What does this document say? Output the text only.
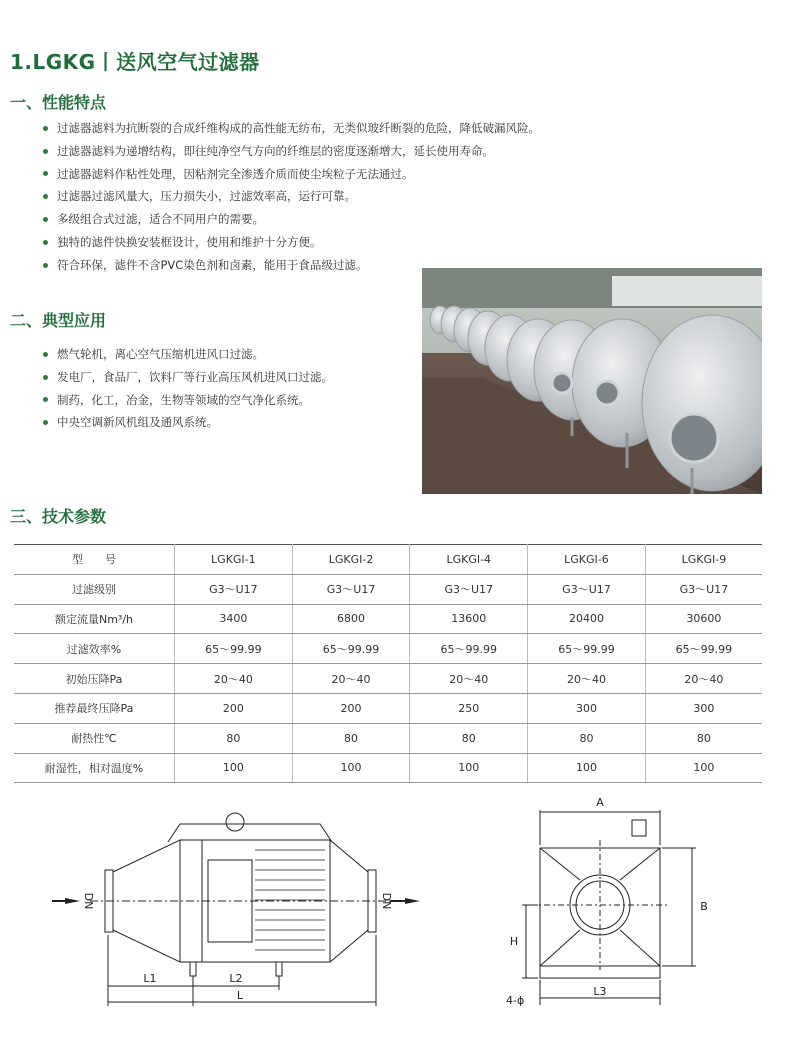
1.LGKG丨送风空气过滤器
一、性能特点
过滤器滤料为抗断裂的合成纤维构成的高性能无纺布，无类似玻纤断裂的危险，降低破漏风险。
过滤器滤料为递增结构，即往纯净空气方向的纤维层的密度逐渐增大，延长使用寿命。
过滤器滤料作粘性处理，因粘剂完全渗透介质而使尘埃粒子无法通过。
过滤器过滤风量大，压力损失小，过滤效率高，运行可靠。
多级组合式过滤，适合不同用户的需要。
独特的滤件快换安装框设计，使用和维护十分方便。
符合环保，滤件不含PVC染色剂和卤素，能用于食品级过滤。
二、典型应用
燃气轮机，离心空气压缩机进风口过滤。
发电厂，食品厂，饮料厂等行业高压风机进风口过滤。
制药，化工，冶金，生物等领域的空气净化系统。
中央空调新风机组及通风系统。
三、技术参数
型　　号	LGKGI-1	LGKGI-2	LGKGI-4	LGKGI-6	LGKGI-9
过滤级别	G3～U17	G3～U17	G3～U17	G3～U17	G3～U17
额定流量Nm³/h	3400	6800	13600	20400	30600
过滤效率%	65～99.99	65～99.99	65～99.99	65～99.99	65～99.99
初始压降Pa	20～40	20～40	20～40	20～40	20～40
推荐最终压降Pa	200	200	250	300	300
耐热性℃	80	80	80	80	80
耐湿性，相对温度%	100	100	100	100	100
DN	DN
L1	L2
L
A
B
H
L3
4-ϕ
